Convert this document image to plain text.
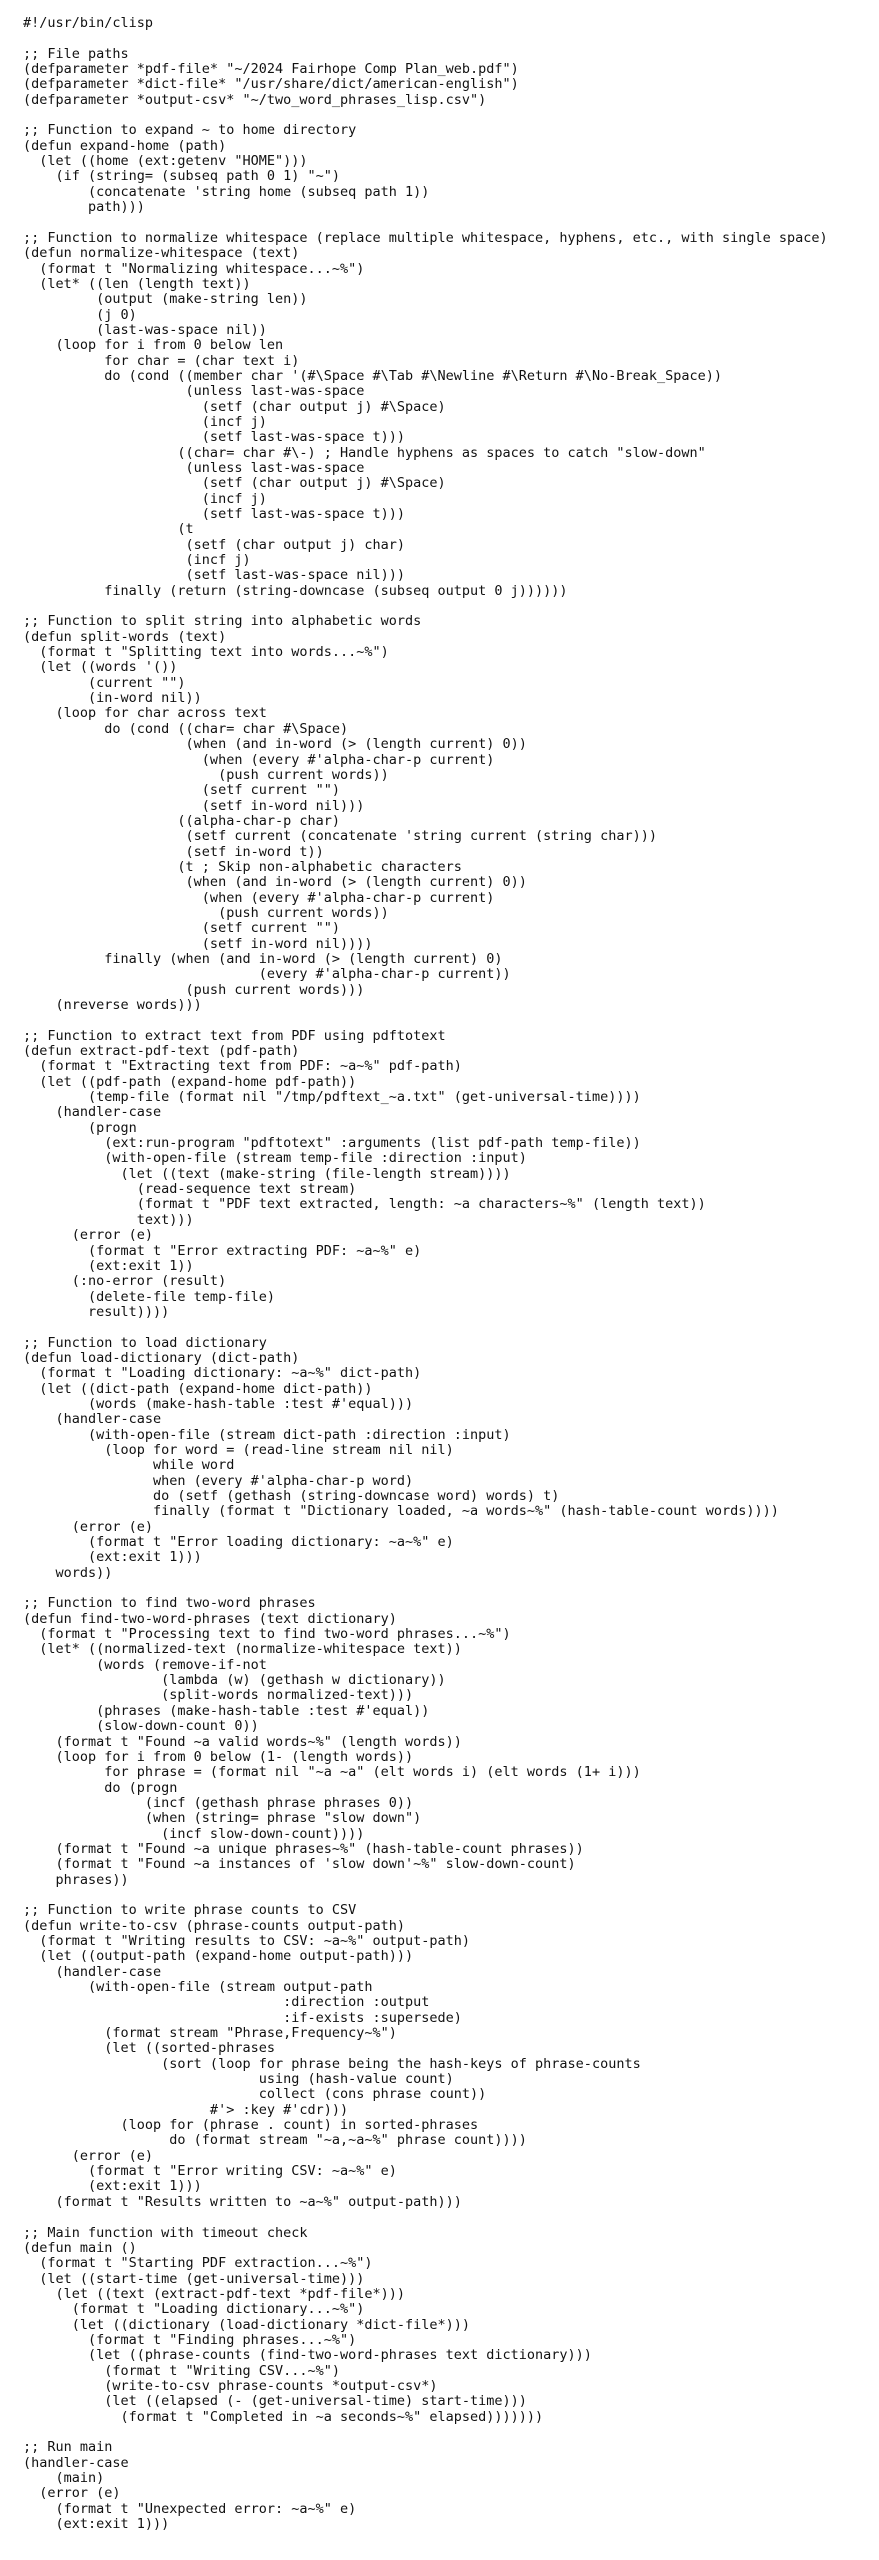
#!/usr/bin/clisp
;; File paths
(defparameter *pdf-file* "~/2024 Fairhope Comp Plan_web.pdf")
(defparameter *dict-file* "/usr/share/dict/american-english")
(defparameter *output-csv* "~/two_word_phrases_lisp.csv")
;; Function to expand ~ to home directory
(defun expand-home (path)
(let ((home (ext:getenv "HOME")))
(if (string= (subseq path 0 1) "~")
(concatenate 'string home (subseq path 1))
path)))
;; Function to normalize whitespace (replace multiple whitespace, hyphens, etc., with single space)
(defun normalize-whitespace (text)
(format t "Normalizing whitespace...~%")
(let* ((len (length text))
(output (make-string len))
(j 0)
(last-was-space nil))
(loop for i from 0 below len
for char = (char text i)
do (cond ((member char '(#\Space #\Tab #\Newline #\Return #\No-Break_Space))
(unless last-was-space
(setf (char output j) #\Space)
(incf j)
(setf last-was-space t)))
((char= char #\-) ; Handle hyphens as spaces to catch "slow-down"
(unless last-was-space
(setf (char output j) #\Space)
(incf j)
(setf last-was-space t)))
(t
(setf (char output j) char)
(incf j)
(setf last-was-space nil)))
finally (return (string-downcase (subseq output 0 j))))))
;; Function to split string into alphabetic words
(defun split-words (text)
(format t "Splitting text into words...~%")
(let ((words '())
(current "")
(in-word nil))
(loop for char across text
do (cond ((char= char #\Space)
(when (and in-word (> (length current) 0))
(when (every #'alpha-char-p current)
(push current words))
(setf current "")
(setf in-word nil)))
((alpha-char-p char)
(setf current (concatenate 'string current (string char)))
(setf in-word t))
(t ; Skip non-alphabetic characters
(when (and in-word (> (length current) 0))
(when (every #'alpha-char-p current)
(push current words))
(setf current "")
(setf in-word nil))))
finally (when (and in-word (> (length current) 0)
(every #'alpha-char-p current))
(push current words)))
(nreverse words)))
;; Function to extract text from PDF using pdftotext
(defun extract-pdf-text (pdf-path)
(format t "Extracting text from PDF: ~a~%" pdf-path)
(let ((pdf-path (expand-home pdf-path))
(temp-file (format nil "/tmp/pdftext_~a.txt" (get-universal-time))))
(handler-case
(progn
(ext:run-program "pdftotext" :arguments (list pdf-path temp-file))
(with-open-file (stream temp-file :direction :input)
(let ((text (make-string (file-length stream))))
(read-sequence text stream)
(format t "PDF text extracted, length: ~a characters~%" (length text))
text)))
(error (e)
(format t "Error extracting PDF: ~a~%" e)
(ext:exit 1))
(:no-error (result)
(delete-file temp-file)
result))))
;; Function to load dictionary
(defun load-dictionary (dict-path)
(format t "Loading dictionary: ~a~%" dict-path)
(let ((dict-path (expand-home dict-path))
(words (make-hash-table :test #'equal)))
(handler-case
(with-open-file (stream dict-path :direction :input)
(loop for word = (read-line stream nil nil)
while word
when (every #'alpha-char-p word)
do (setf (gethash (string-downcase word) words) t)
finally (format t "Dictionary loaded, ~a words~%" (hash-table-count words))))
(error (e)
(format t "Error loading dictionary: ~a~%" e)
(ext:exit 1)))
words))
;; Function to find two-word phrases
(defun find-two-word-phrases (text dictionary)
(format t "Processing text to find two-word phrases...~%")
(let* ((normalized-text (normalize-whitespace text))
(words (remove-if-not
(lambda (w) (gethash w dictionary))
(split-words normalized-text)))
(phrases (make-hash-table :test #'equal))
(slow-down-count 0))
(format t "Found ~a valid words~%" (length words))
(loop for i from 0 below (1- (length words))
for phrase = (format nil "~a ~a" (elt words i) (elt words (1+ i)))
do (progn
(incf (gethash phrase phrases 0))
(when (string= phrase "slow down")
(incf slow-down-count))))
(format t "Found ~a unique phrases~%" (hash-table-count phrases))
(format t "Found ~a instances of 'slow down'~%" slow-down-count)
phrases))
;; Function to write phrase counts to CSV
(defun write-to-csv (phrase-counts output-path)
(format t "Writing results to CSV: ~a~%" output-path)
(let ((output-path (expand-home output-path)))
(handler-case
(with-open-file (stream output-path
:direction :output
:if-exists :supersede)
(format stream "Phrase,Frequency~%")
(let ((sorted-phrases
(sort (loop for phrase being the hash-keys of phrase-counts
using (hash-value count)
collect (cons phrase count))
#'> :key #'cdr)))
(loop for (phrase . count) in sorted-phrases
do (format stream "~a,~a~%" phrase count))))
(error (e)
(format t "Error writing CSV: ~a~%" e)
(ext:exit 1)))
(format t "Results written to ~a~%" output-path)))
;; Main function with timeout check
(defun main ()
(format t "Starting PDF extraction...~%")
(let ((start-time (get-universal-time)))
(let ((text (extract-pdf-text *pdf-file*)))
(format t "Loading dictionary...~%")
(let ((dictionary (load-dictionary *dict-file*)))
(format t "Finding phrases...~%")
(let ((phrase-counts (find-two-word-phrases text dictionary)))
(format t "Writing CSV...~%")
(write-to-csv phrase-counts *output-csv*)
(let ((elapsed (- (get-universal-time) start-time)))
(format t "Completed in ~a seconds~%" elapsed)))))))
;; Run main
(handler-case
(main)
(error (e)
(format t "Unexpected error: ~a~%" e)
(ext:exit 1)))
